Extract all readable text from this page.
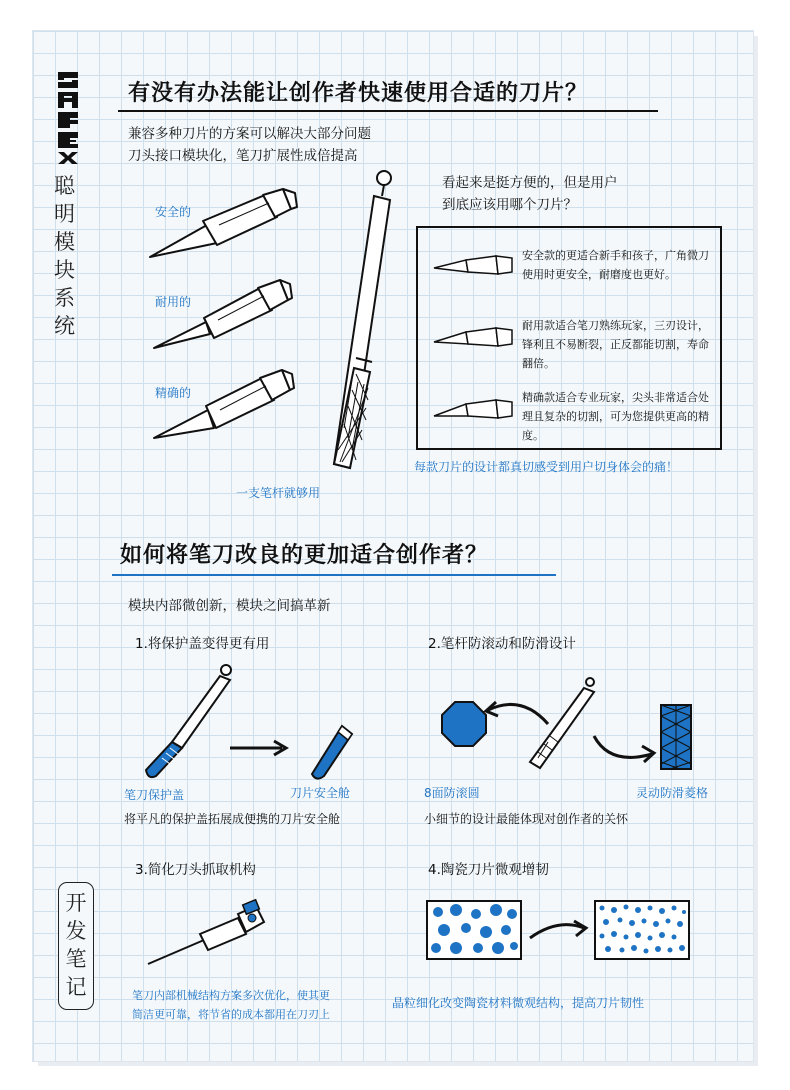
聪明模块系统
开发笔记
有没有办法能让创作者快速使用合适的刀片？
兼容多种刀片的方案可以解决大部分问题
刀头接口模块化，笔刀扩展性成倍提高
安全的
耐用的
精确的
一支笔杆就够用
看起来是挺方便的，但是用户
到底应该用哪个刀片？
安全款的更适合新手和孩子，广角微刀使用时更安全，耐磨度也更好。
耐用款适合笔刀熟练玩家，三刃设计，锋利且不易断裂，正反都能切割，寿命翻倍。
精确款适合专业玩家，尖头非常适合处理且复杂的切割，可为您提供更高的精度。
每款刀片的设计都真切感受到用户切身体会的痛！
如何将笔刀改良的更加适合创作者？
模块内部微创新，模块之间搞革新
1.将保护盖变得更有用
笔刀保护盖	刀片安全舱
将平凡的保护盖拓展成便携的刀片安全舱
2.笔杆防滚动和防滑设计
8面防滚圆	灵动防滑菱格
小细节的设计最能体现对创作者的关怀
3.简化刀头抓取机构
笔刀内部机械结构方案多次优化，使其更简洁更可靠，将节省的成本都用在刀刃上
4.陶瓷刀片微观增韧
晶粒细化改变陶瓷材料微观结构，提高刀片韧性
